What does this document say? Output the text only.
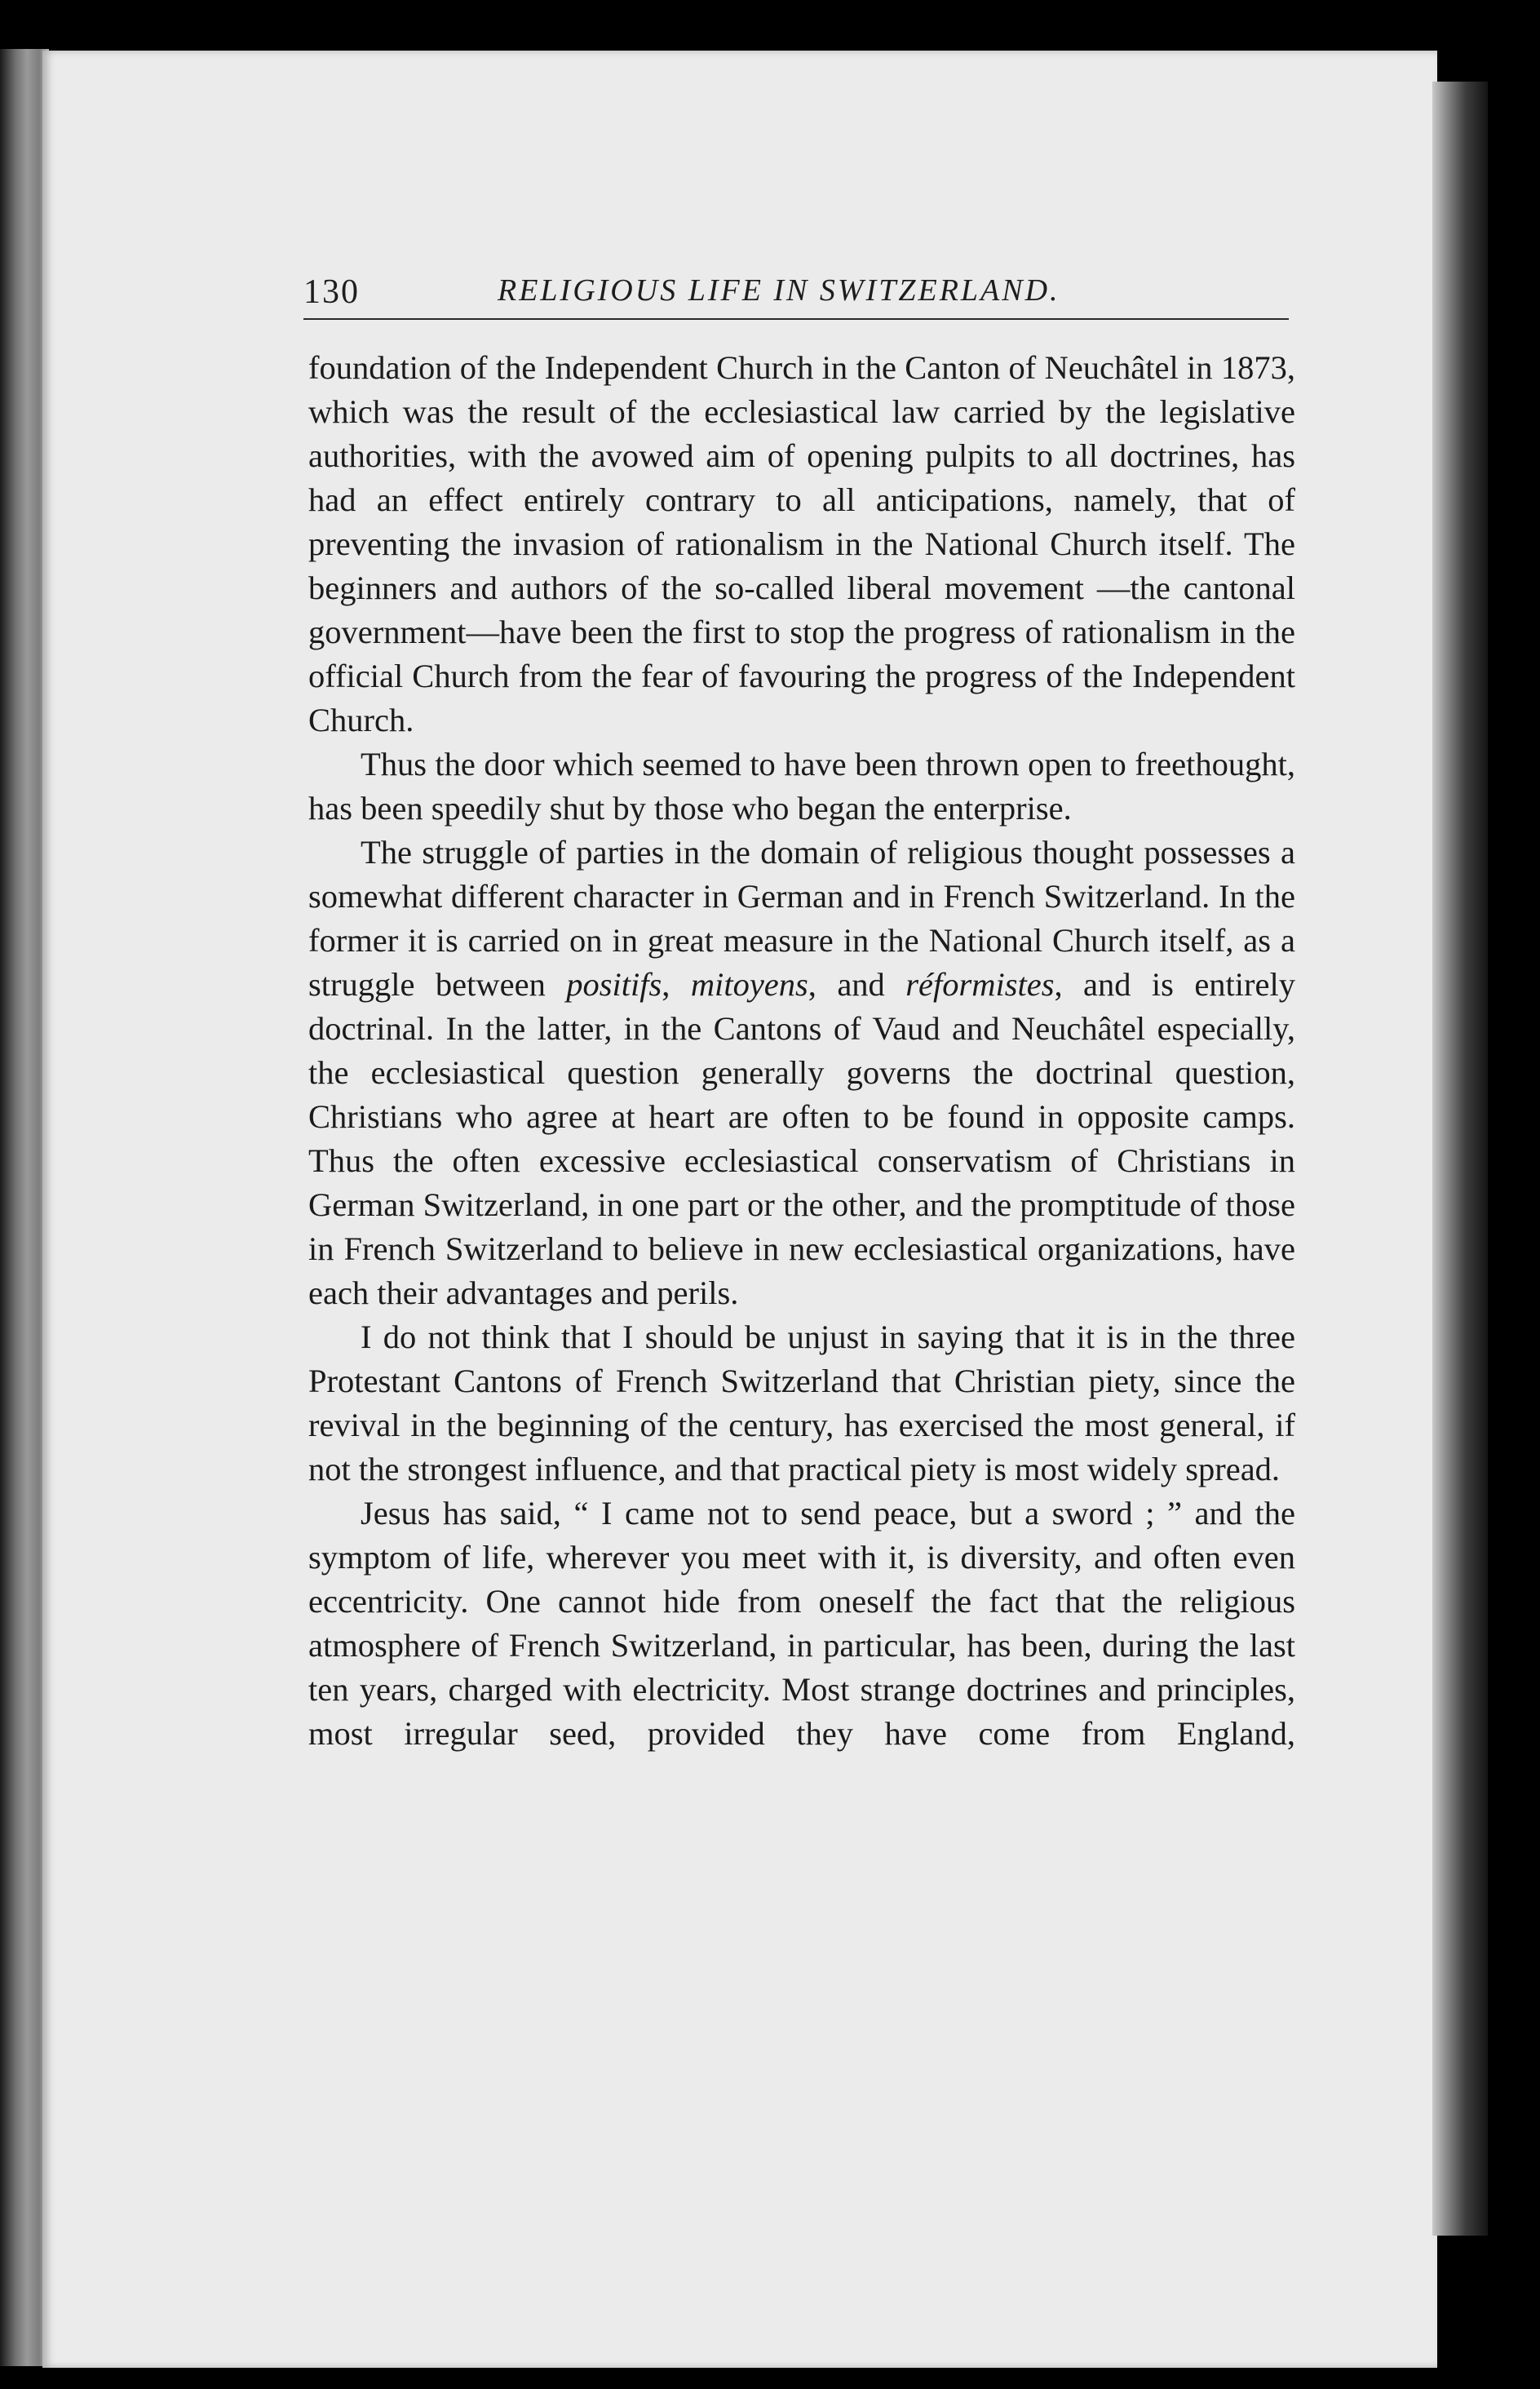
130	RELIGIOUS LIFE IN SWITZERLAND.

foundation of the Independent Church in the Canton of Neuchâtel in 1873, which was the result of the ecclesiastical law carried by the legislative authorities, with the avowed aim of opening pulpits to all doctrines, has had an effect entirely contrary to all anticipations, namely, that of preventing the invasion of rationalism in the National Church itself. The beginners and authors of the so-called liberal movement —the cantonal government—have been the first to stop the progress of rationalism in the official Church from the fear of favouring the progress of the Independent Church.

Thus the door which seemed to have been thrown open to freethought, has been speedily shut by those who began the enterprise.

The struggle of parties in the domain of religious thought possesses a somewhat different character in German and in French Switzerland. In the former it is carried on in great measure in the National Church itself, as a struggle between positifs, mitoyens, and réformistes, and is entirely doctrinal. In the latter, in the Cantons of Vaud and Neuchâtel especially, the ecclesiastical question generally governs the doctrinal question, Christians who agree at heart are often to be found in opposite camps. Thus the often excessive ecclesiastical conservatism of Christians in German Switzerland, in one part or the other, and the promptitude of those in French Switzerland to believe in new ecclesiastical organizations, have each their advantages and perils.

I do not think that I should be unjust in saying that it is in the three Protestant Cantons of French Switzerland that Christian piety, since the revival in the beginning of the century, has exercised the most general, if not the strongest influence, and that practical piety is most widely spread.

Jesus has said, “ I came not to send peace, but a sword ; ” and the symptom of life, wherever you meet with it, is diversity, and often even eccentricity. One cannot hide from oneself the fact that the religious atmosphere of French Switzerland, in particular, has been, during the last ten years, charged with electricity. Most strange doctrines and principles, most irregular seed, provided they have come from England,
